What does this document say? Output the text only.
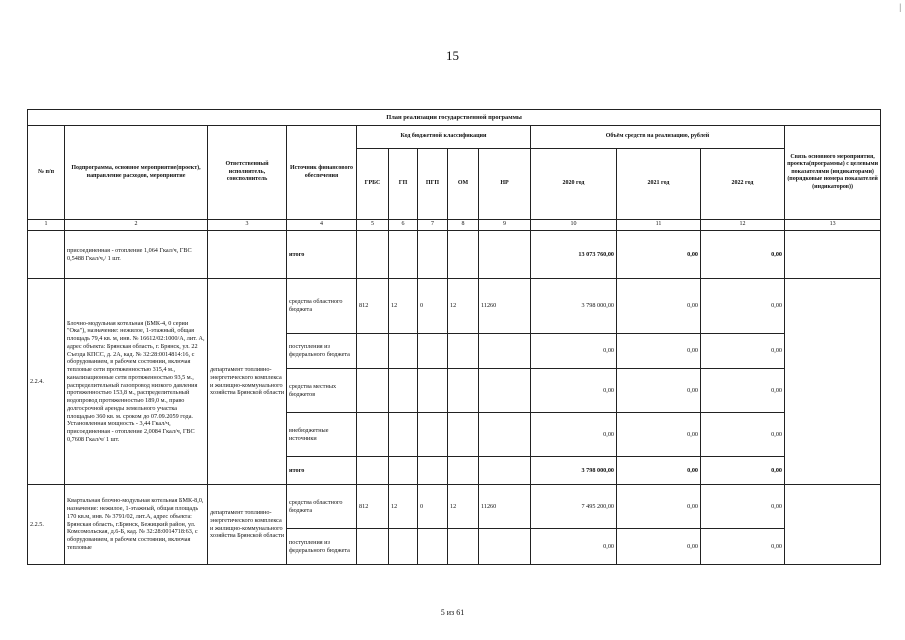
15
|
План реализации государственной программы												
№ п/п	Подпрограмма, основное мероприятие(проект), направление расходов, мероприятие	Ответственный исполнитель, соисполнитель	Источник финансового обеспечения	Код бюджетной классификации					Объём средств на реализацию, рублей			Связь основного мероприятия, проекта(программы) с целевыми показателями (индикаторами) (порядковые номера показателей (индикаторов))
				ГРБС	ГП	ПГП	ОМ	НР	2020 год	2021 год	2022 год	
1	2	3	4	5	6	7	8	9	10	11	12	13
	присоединенная - отопление 1,064 Гкал/ч, ГВС 0,5488 Гкал/ч,/ 1 шт.		итого						13 073 760,00	0,00	0,00	
2.2.4.	Блочно-модульная котельная (БМК-4, 0 серии "Ока"), назначение: нежилое, 1-этажный, общая площадь 79,4 кв. м, инв. № 16612/02:1000/А, лит. А, адрес объекта: Брянская область, г. Брянск, ул. 22 Съезда КПСС, д. 2А, кад. № 32:28:0014814:16, с оборудованием, в рабочем состоянии, включая тепловые сети протяженностью 315,4 м., канализационные сети протяженностью 93,5 м., распределительный газопровод низкого давления протяженностью 153,8 м., распределительный водопровод протяженностью 189,0 м., право долгосрочной аренды земельного участка площадью 360 кв. м. сроком до 07.09.2059 года. Установленная мощность - 3,44 Гкал/ч, присоединенная - отопление 2,0084 Гкал/ч, ГВС 0,7608 Гкал/ч/ 1 шт.	департамент топливно-энергетического комплекса и жилищно-коммунального хозяйства Брянской области	средства областного бюджета	812	12	0	12	11260	3 798 000,00	0,00	0,00	
			поступления из федерального бюджета						0,00	0,00	0,00	
			средства местных бюджетов						0,00	0,00	0,00	
			внебюджетные источники						0,00	0,00	0,00	
			итого						3 798 000,00	0,00	0,00	
2.2.5.	Квартальная блочно-модульная котельная БМК-8,0, назначение: нежилое, 1-этажный, общая площадь 170 кв.м, инв. № 3791/02, лит.А, адрес объекта: Брянская область, г.Брянск, Бежицкий район, ул. Комсомольская, д.6-Б, кад. № 32:28:0014718:63, с оборудованием, в рабочем состоянии, включая тепловые	департамент топливно-энергетического комплекса и жилищно-коммунального хозяйства Брянской области	средства областного бюджета	812	12	0	12	11260	7 495 200,00	0,00	0,00	
			поступления из федерального бюджета						0,00	0,00	0,00	
5 из 61
